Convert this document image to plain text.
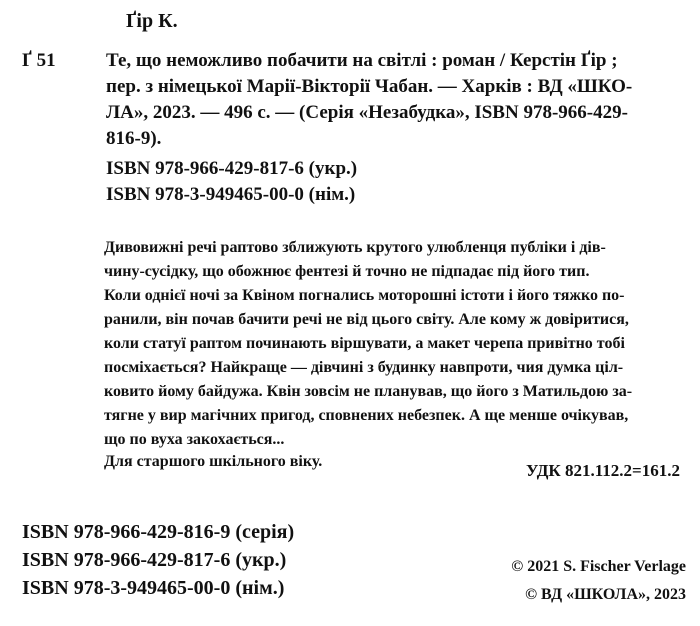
Ґір К.
Ґ 51	Те, що неможливо побачити на світлі : роман / Керстін Ґір ;
пер. з німецької Марії-Вікторії Чабан. — Харків : ВД «ШКО-
ЛА», 2023. — 496 с. — (Серія «Незабудка», ISBN 978-966-429-
816-9).
ISBN 978-966-429-817-6 (укр.)
ISBN 978-3-949465-00-0 (нім.)
Дивовижні речі раптово зближують крутого улюбленця публіки і дів-
чину-сусідку, що обожнює фентезі й точно не підпадає під його тип.
Коли однієї ночі за Квіном погнались моторошні істоти і його тяжко по-
ранили, він почав бачити речі не від цього світу. Але кому ж довіритися,
коли статуї раптом починають віршувати, а макет черепа привітно тобі
посміхається? Найкраще — дівчині з будинку навпроти, чия думка ціл-
ковито йому байдужа. Квін зовсім не планував, що його з Матильдою за-
тягне у вир магічних пригод, сповнених небезпек. А ще менше очікував,
що по вуха закохається...
Для старшого шкільного віку.	УДК 821.112.2=161.2
ISBN 978-966-429-816-9 (серія)
ISBN 978-966-429-817-6 (укр.)
ISBN 978-3-949465-00-0 (нім.)
© 2021 S. Fischer Verlage
© ВД «ШКОЛА», 2023
